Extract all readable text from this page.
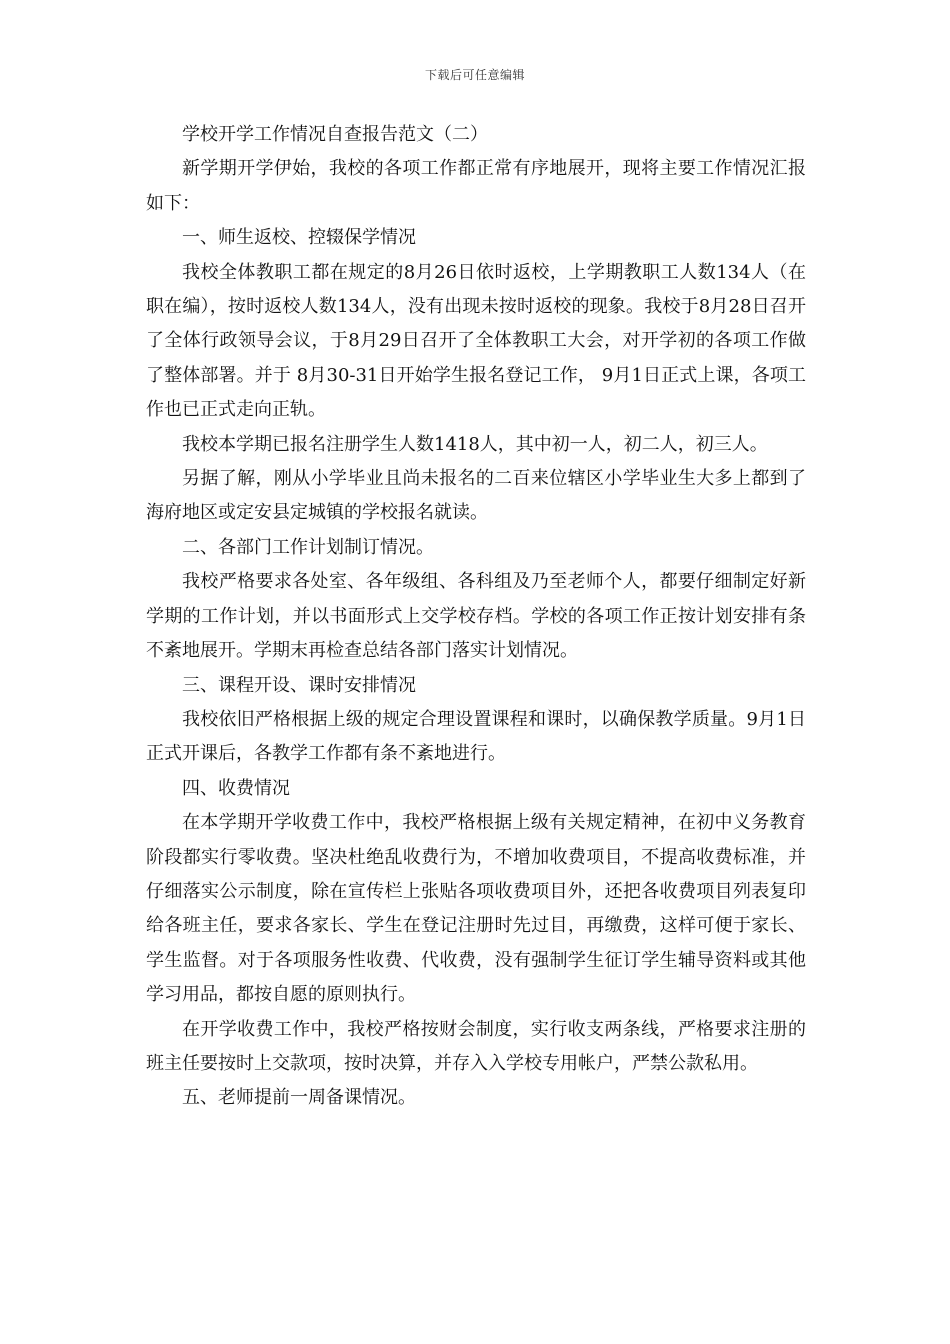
下载后可任意编辑

学校开学工作情况自查报告范文（二）

新学期开学伊始，我校的各项工作都正常有序地展开，现将主要工作情况汇报如下：

一、师生返校、控辍保学情况

我校全体教职工都在规定的8月26日依时返校，上学期教职工人数134人（在职在编），按时返校人数134人，没有出现未按时返校的现象。我校于8月28日召开了全体行政领导会议，于8月29日召开了全体教职工大会，对开学初的各项工作做了整体部署。并于 8月30-31日开始学生报名登记工作， 9月1日正式上课，各项工作也已正式走向正轨。

我校本学期已报名注册学生人数1418人，其中初一人，初二人，初三人。

另据了解，刚从小学毕业且尚未报名的二百来位辖区小学毕业生大多上都到了海府地区或定安县定城镇的学校报名就读。

二、各部门工作计划制订情况。

我校严格要求各处室、各年级组、各科组及乃至老师个人，都要仔细制定好新学期的工作计划，并以书面形式上交学校存档。学校的各项工作正按计划安排有条不紊地展开。学期末再检查总结各部门落实计划情况。

三、课程开设、课时安排情况

我校依旧严格根据上级的规定合理设置课程和课时，以确保教学质量。9月1日正式开课后，各教学工作都有条不紊地进行。

四、收费情况

在本学期开学收费工作中，我校严格根据上级有关规定精神，在初中义务教育阶段都实行零收费。坚决杜绝乱收费行为，不增加收费项目，不提高收费标准，并仔细落实公示制度，除在宣传栏上张贴各项收费项目外，还把各收费项目列表复印给各班主任，要求各家长、学生在登记注册时先过目，再缴费，这样可便于家长、学生监督。对于各项服务性收费、代收费，没有强制学生征订学生辅导资料或其他学习用品，都按自愿的原则执行。

在开学收费工作中，我校严格按财会制度，实行收支两条线，严格要求注册的班主任要按时上交款项，按时决算，并存入入学校专用帐户，严禁公款私用。

五、老师提前一周备课情况。
